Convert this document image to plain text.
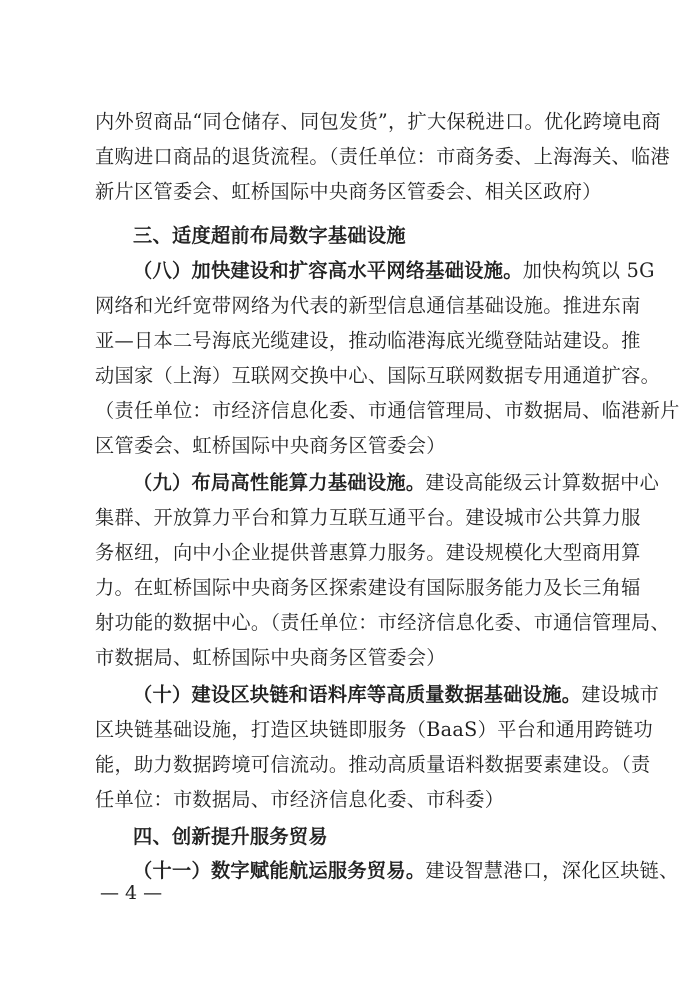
内外贸商品“同仓储存、同包发货”，扩大保税进口。优化跨境电商
直购进口商品的退货流程。（责任单位：市商务委、上海海关、临港
新片区管委会、虹桥国际中央商务区管委会、相关区政府）
三、适度超前布局数字基础设施
（八）加快建设和扩容高水平网络基础设施。加快构筑以 5G
网络和光纤宽带网络为代表的新型信息通信基础设施。推进东南
亚—日本二号海底光缆建设，推动临港海底光缆登陆站建设。推
动国家（上海）互联网交换中心、国际互联网数据专用通道扩容。
（责任单位：市经济信息化委、市通信管理局、市数据局、临港新片
区管委会、虹桥国际中央商务区管委会）
（九）布局高性能算力基础设施。建设高能级云计算数据中心
集群、开放算力平台和算力互联互通平台。建设城市公共算力服
务枢纽，向中小企业提供普惠算力服务。建设规模化大型商用算
力。在虹桥国际中央商务区探索建设有国际服务能力及长三角辐
射功能的数据中心。（责任单位：市经济信息化委、市通信管理局、
市数据局、虹桥国际中央商务区管委会）
（十）建设区块链和语料库等高质量数据基础设施。建设城市
区块链基础设施，打造区块链即服务（BaaS）平台和通用跨链功
能，助力数据跨境可信流动。推动高质量语料数据要素建设。（责
任单位：市数据局、市经济信息化委、市科委）
四、创新提升服务贸易
（十一）数字赋能航运服务贸易。建设智慧港口，深化区块链、
— 4 —
